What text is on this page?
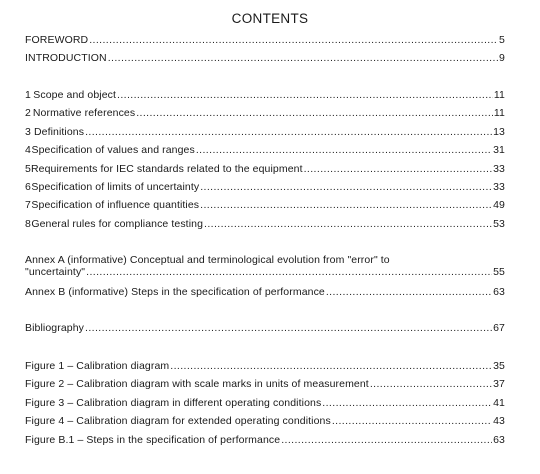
CONTENTS
FOREWORD .....	5
INTRODUCTION .....	9
1 Scope and object .....	11
2 Normative references .....	11
3 Definitions .....	13
4 Specification of values and ranges .....	31
5 Requirements for IEC standards related to the equipment .....	33
6 Specification of limits of uncertainty .....	33
7 Specification of influence quantities .....	49
8 General rules for compliance testing .....	53
Annex A (informative) Conceptual and terminological evolution from "error" to
"uncertainty" .....	55
Annex B (informative) Steps in the specification of performance .....	63
Bibliography .....	67
Figure 1 – Calibration diagram .....	35
Figure 2 – Calibration diagram with scale marks in units of measurement .....	37
Figure 3 – Calibration diagram in different operating conditions .....	41
Figure 4 – Calibration diagram for extended operating conditions .....	43
Figure B.1 – Steps in the specification of performance .....	63
